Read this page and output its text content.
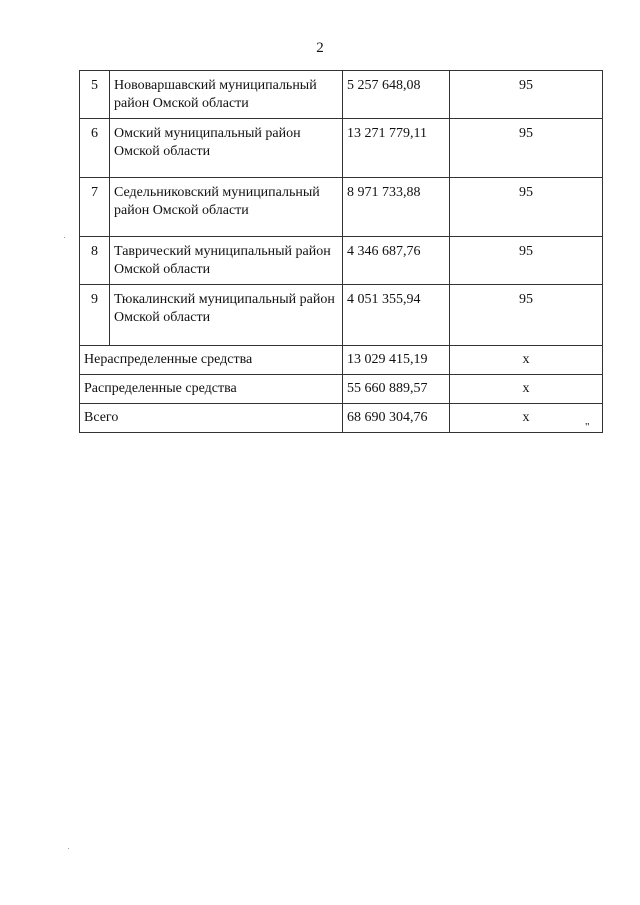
2
5	Нововаршавский муниципальный район Омской области	5 257 648,08	95
6	Омский муниципальный район Омской области	13 271 779,11	95
7	Седельниковский муниципальный район Омской области	8 971 733,88	95
8	Таврический муниципальный район Омской области	4 346 687,76	95
9	Тюкалинский муниципальный район Омской области	4 051 355,94	95
Нераспределенные средства		13 029 415,19	x
Распределенные средства		55 660 889,57	x
Всего		68 690 304,76	x
"
